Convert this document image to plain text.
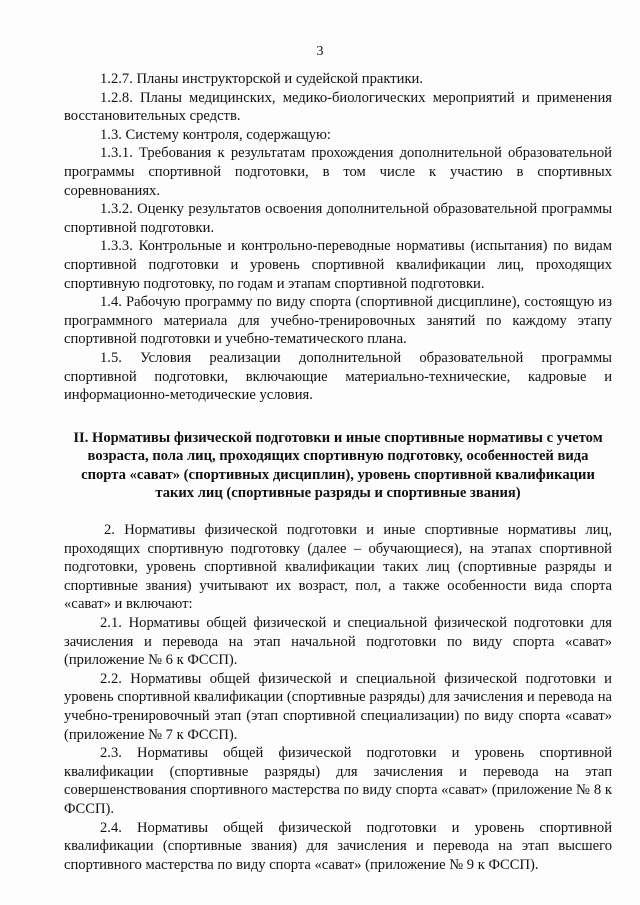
3

1.2.7. Планы инструкторской и судейской практики.

1.2.8. Планы медицинских, медико-биологических мероприятий и применения восстановительных средств.

1.3. Систему контроля, содержащую:

1.3.1. Требования к результатам прохождения дополнительной образовательной программы спортивной подготовки, в том числе к участию в спортивных соревнованиях.

1.3.2. Оценку результатов освоения дополнительной образовательной программы спортивной подготовки.

1.3.3. Контрольные и контрольно-переводные нормативы (испытания) по видам спортивной подготовки и уровень спортивной квалификации лиц, проходящих спортивную подготовку, по годам и этапам спортивной подготовки.

1.4. Рабочую программу по виду спорта (спортивной дисциплине), состоящую из программного материала для учебно-тренировочных занятий по каждому этапу спортивной подготовки и учебно-тематического плана.

1.5. Условия реализации дополнительной образовательной программы спортивной подготовки, включающие материально-технические, кадровые и информационно-методические условия.

II. Нормативы физической подготовки и иные спортивные нормативы с учетом возраста, пола лиц, проходящих спортивную подготовку, особенностей вида спорта «сават» (спортивных дисциплин), уровень спортивной квалификации таких лиц (спортивные разряды и спортивные звания)

2. Нормативы физической подготовки и иные спортивные нормативы лиц, проходящих спортивную подготовку (далее – обучающиеся), на этапах спортивной подготовки, уровень спортивной квалификации таких лиц (спортивные разряды и спортивные звания) учитывают их возраст, пол, а также особенности вида спорта «сават» и включают:

2.1. Нормативы общей физической и специальной физической подготовки для зачисления и перевода на этап начальной подготовки по виду спорта «сават» (приложение № 6 к ФССП).

2.2. Нормативы общей физической и специальной физической подготовки и уровень спортивной квалификации (спортивные разряды) для зачисления и перевода на учебно-тренировочный этап (этап спортивной специализации) по виду спорта «сават» (приложение № 7 к ФССП).

2.3. Нормативы общей физической подготовки и уровень спортивной квалификации (спортивные разряды) для зачисления и перевода на этап совершенствования спортивного мастерства по виду спорта «сават» (приложение № 8 к ФССП).

2.4. Нормативы общей физической подготовки и уровень спортивной квалификации (спортивные звания) для зачисления и перевода на этап высшего спортивного мастерства по виду спорта «сават» (приложение № 9 к ФССП).
